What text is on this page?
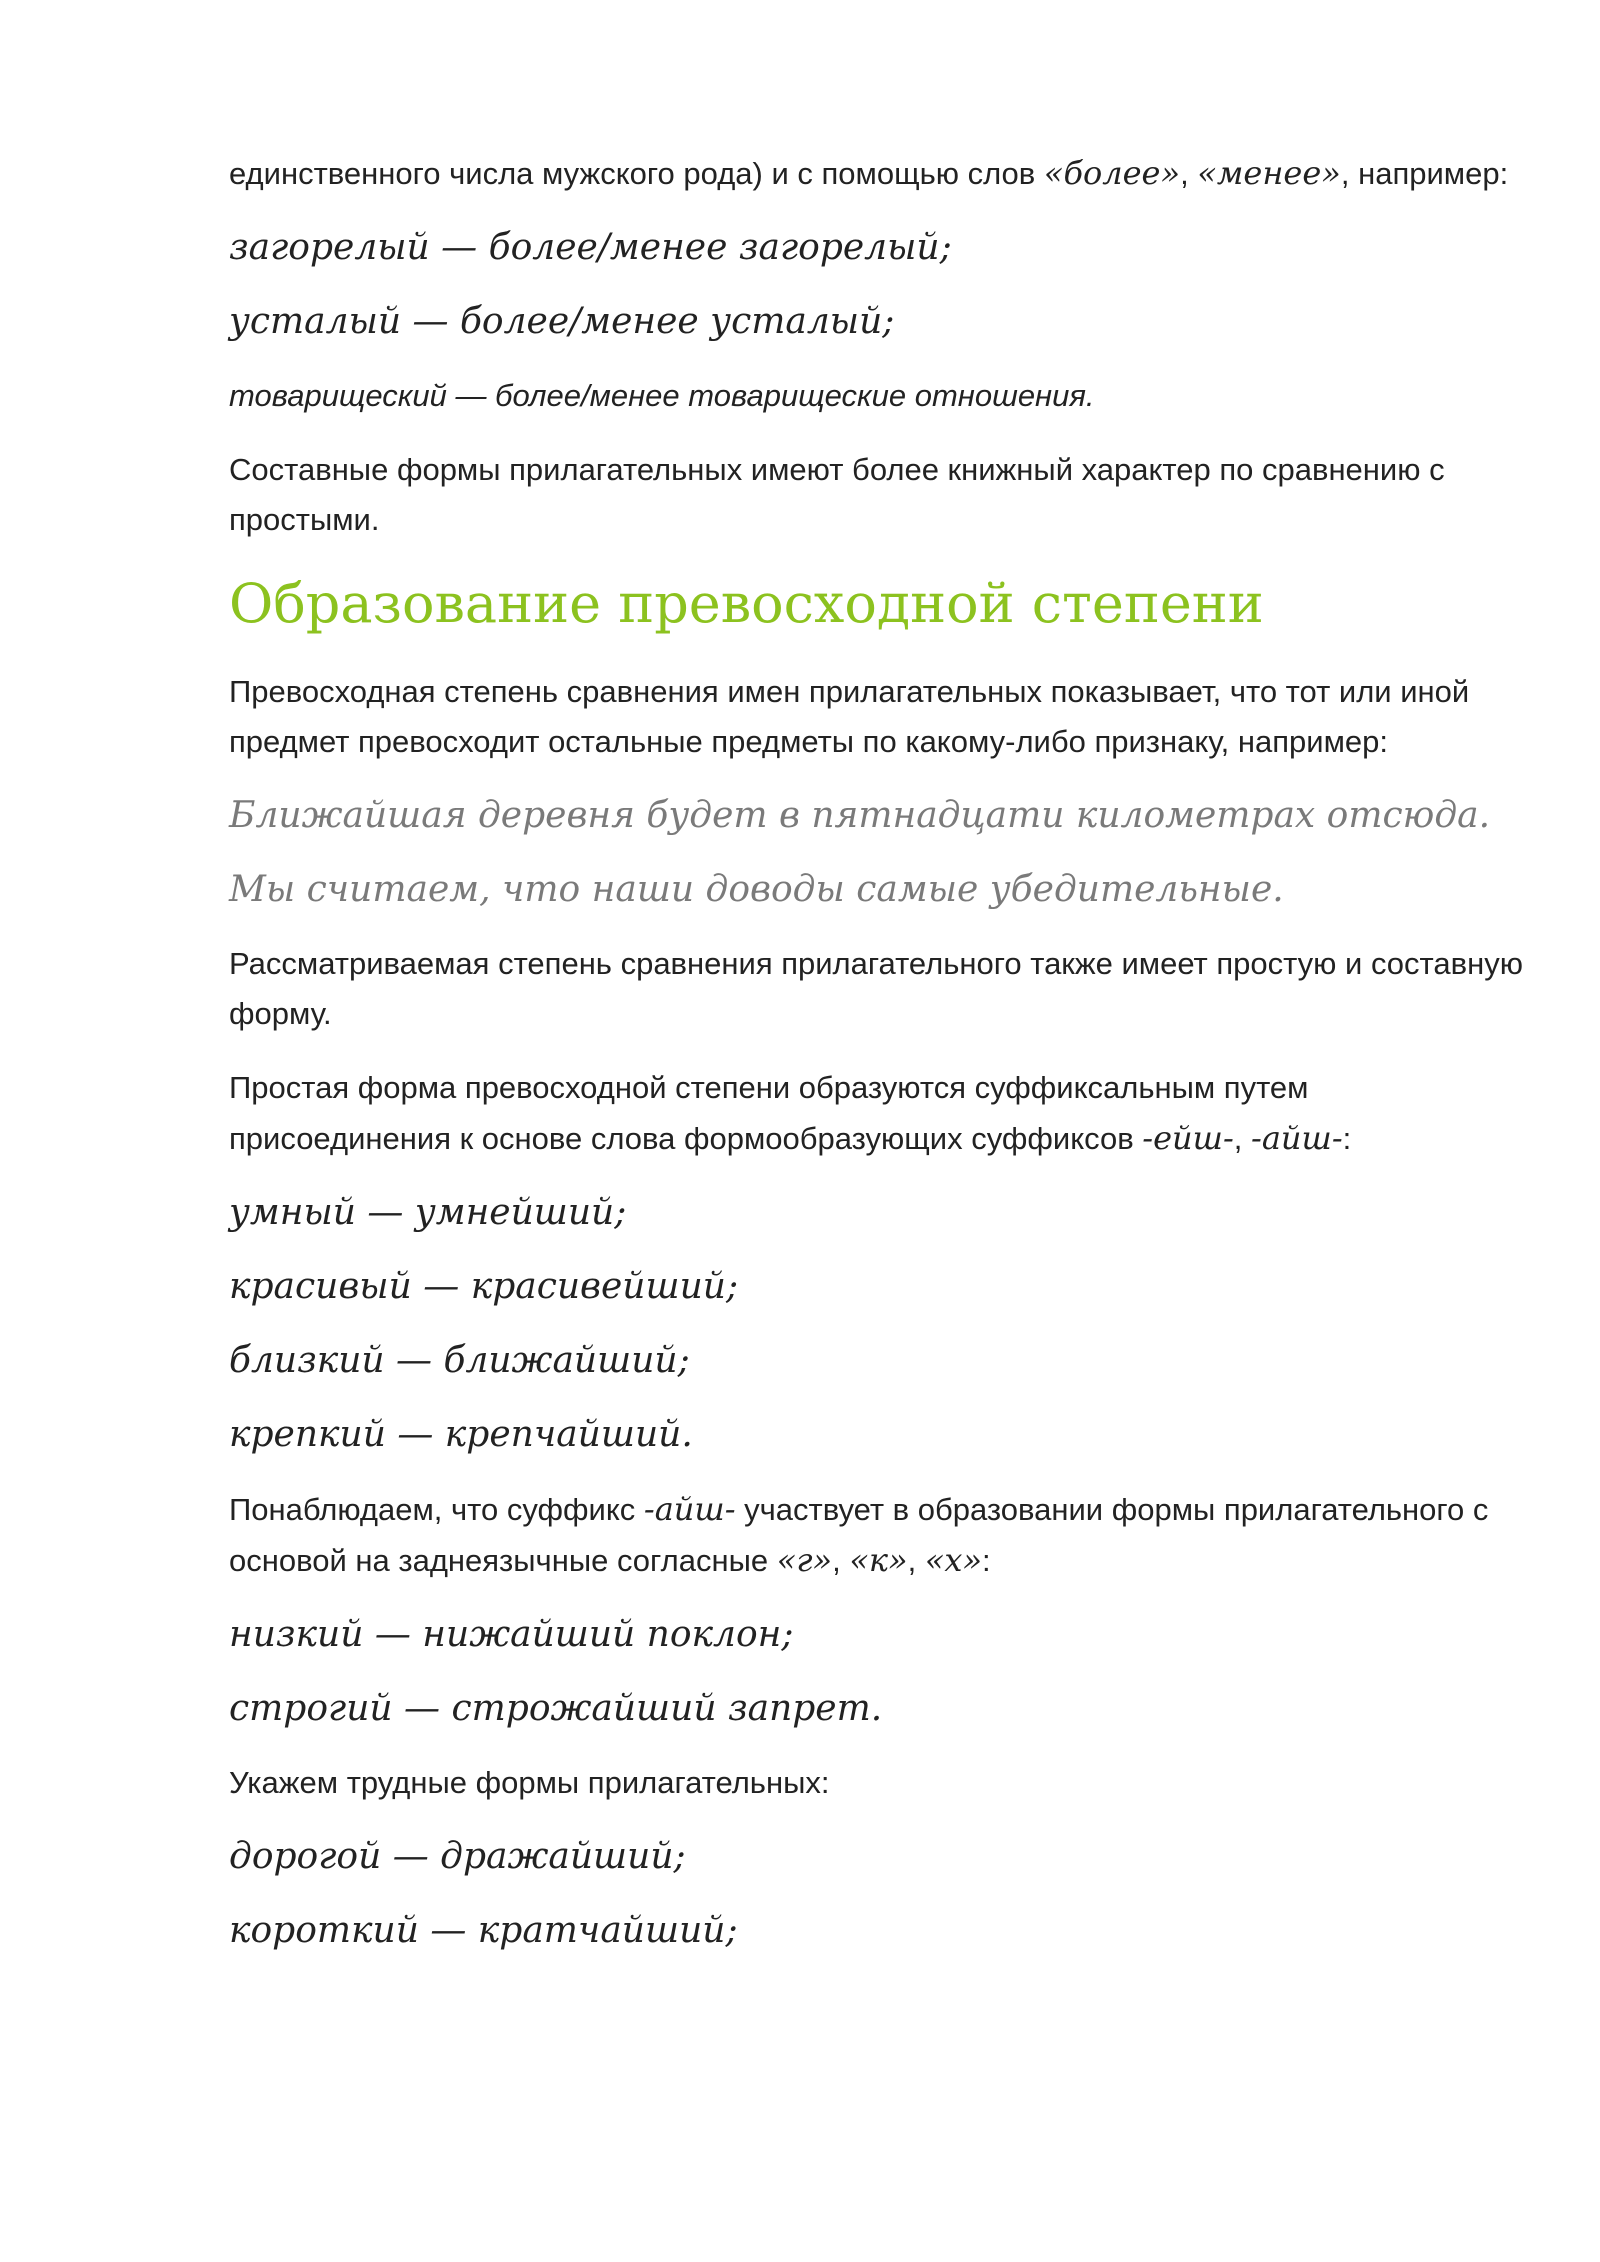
единственного числа мужского рода) и с помощью слов «более», «менее», например:

загорелый — более/менее загорелый;

усталый — более/менее усталый;

товарищеский — более/менее товарищеские отношения.

Составные формы прилагательных имеют более книжный характер по сравнению с простыми.

Образование превосходной степени

Превосходная степень сравнения имен прилагательных показывает, что тот или иной предмет превосходит остальные предметы по какому-либо признаку, например:

Ближайшая деревня будет в пятнадцати километрах отсюда.

Мы считаем, что наши доводы самые убедительные.

Рассматриваемая степень сравнения прилагательного также имеет простую и составную форму.

Простая форма превосходной степени образуются суффиксальным путем присоединения к основе слова формообразующих суффиксов -ейш-, -айш-:

умный — умнейший;

красивый — красивейший;

близкий — ближайший;

крепкий — крепчайший.

Понаблюдаем, что суффикс -айш- участвует в образовании формы прилагательного с основой на заднеязычные согласные «г», «к», «х»:

низкий — нижайший поклон;

строгий — строжайший запрет.

Укажем трудные формы прилагательных:

дорогой — дражайший;

короткий — кратчайший;
